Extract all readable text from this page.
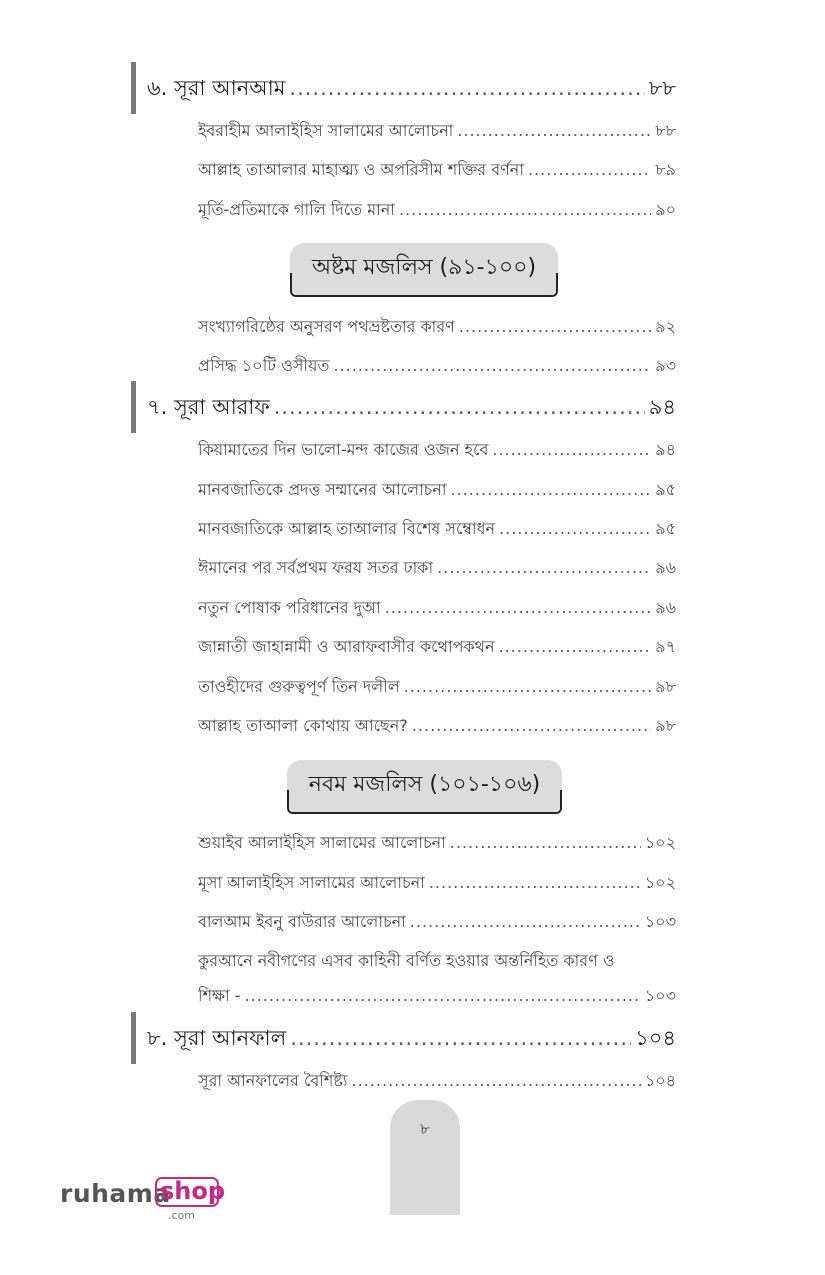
৬. সূরা আনআম .....	৮৮
ইবরাহীম আলাইহিস সালামের আলোচনা .....	৮৮
আল্লাহ তাআলার মাহাত্ম্য ও অপরিসীম শক্তির বর্ণনা .....	৮৯
মূর্তি-প্রতিমাকে গালি দিতে মানা .....	৯০
অষ্টম মজলিস (৯১-১০০)
সংখ্যাগরিষ্ঠের অনুসরণ পথভ্রষ্টতার কারণ .....	৯২
প্রসিদ্ধ ১০টি ওসীয়ত .....	৯৩
৭. সূরা আরাফ .....	৯৪
কিয়ামাতের দিন ভালো-মন্দ কাজের ওজন হবে .....	৯৪
মানবজাতিকে প্রদত্ত সম্মানের আলোচনা .....	৯৫
মানবজাতিকে আল্লাহ তাআলার বিশেষ সম্বোধন .....	৯৫
ঈমানের পর সর্বপ্রথম ফরয সতর ঢাকা .....	৯৬
নতুন পোষাক পরিধানের দুআ .....	৯৬
জান্নাতী জাহান্নামী ও আরাফবাসীর কথোপকথন .....	৯৭
তাওহীদের গুরুত্বপূর্ণ তিন দলীল .....	৯৮
আল্লাহ তাআলা কোথায় আছেন? .....	৯৮
নবম মজলিস (১০১-১০৬)
শুয়াইব আলাইহিস সালামের আলোচনা .....	১০২
মূসা আলাইহিস সালামের আলোচনা .....	১০২
বালআম ইবনু বাউরার আলোচনা .....	১০৩
কুরআনে নবীগণের এসব কাহিনী বর্ণিত হওয়ার অন্তর্নিহিত কারণ ও
শিক্ষা - .....	১০৩
৮. সূরা আনফাল .....	১০৪
সূরা আনফালের বৈশিষ্ট্য .....	১০৪
৮
ruhama
shop
.com
